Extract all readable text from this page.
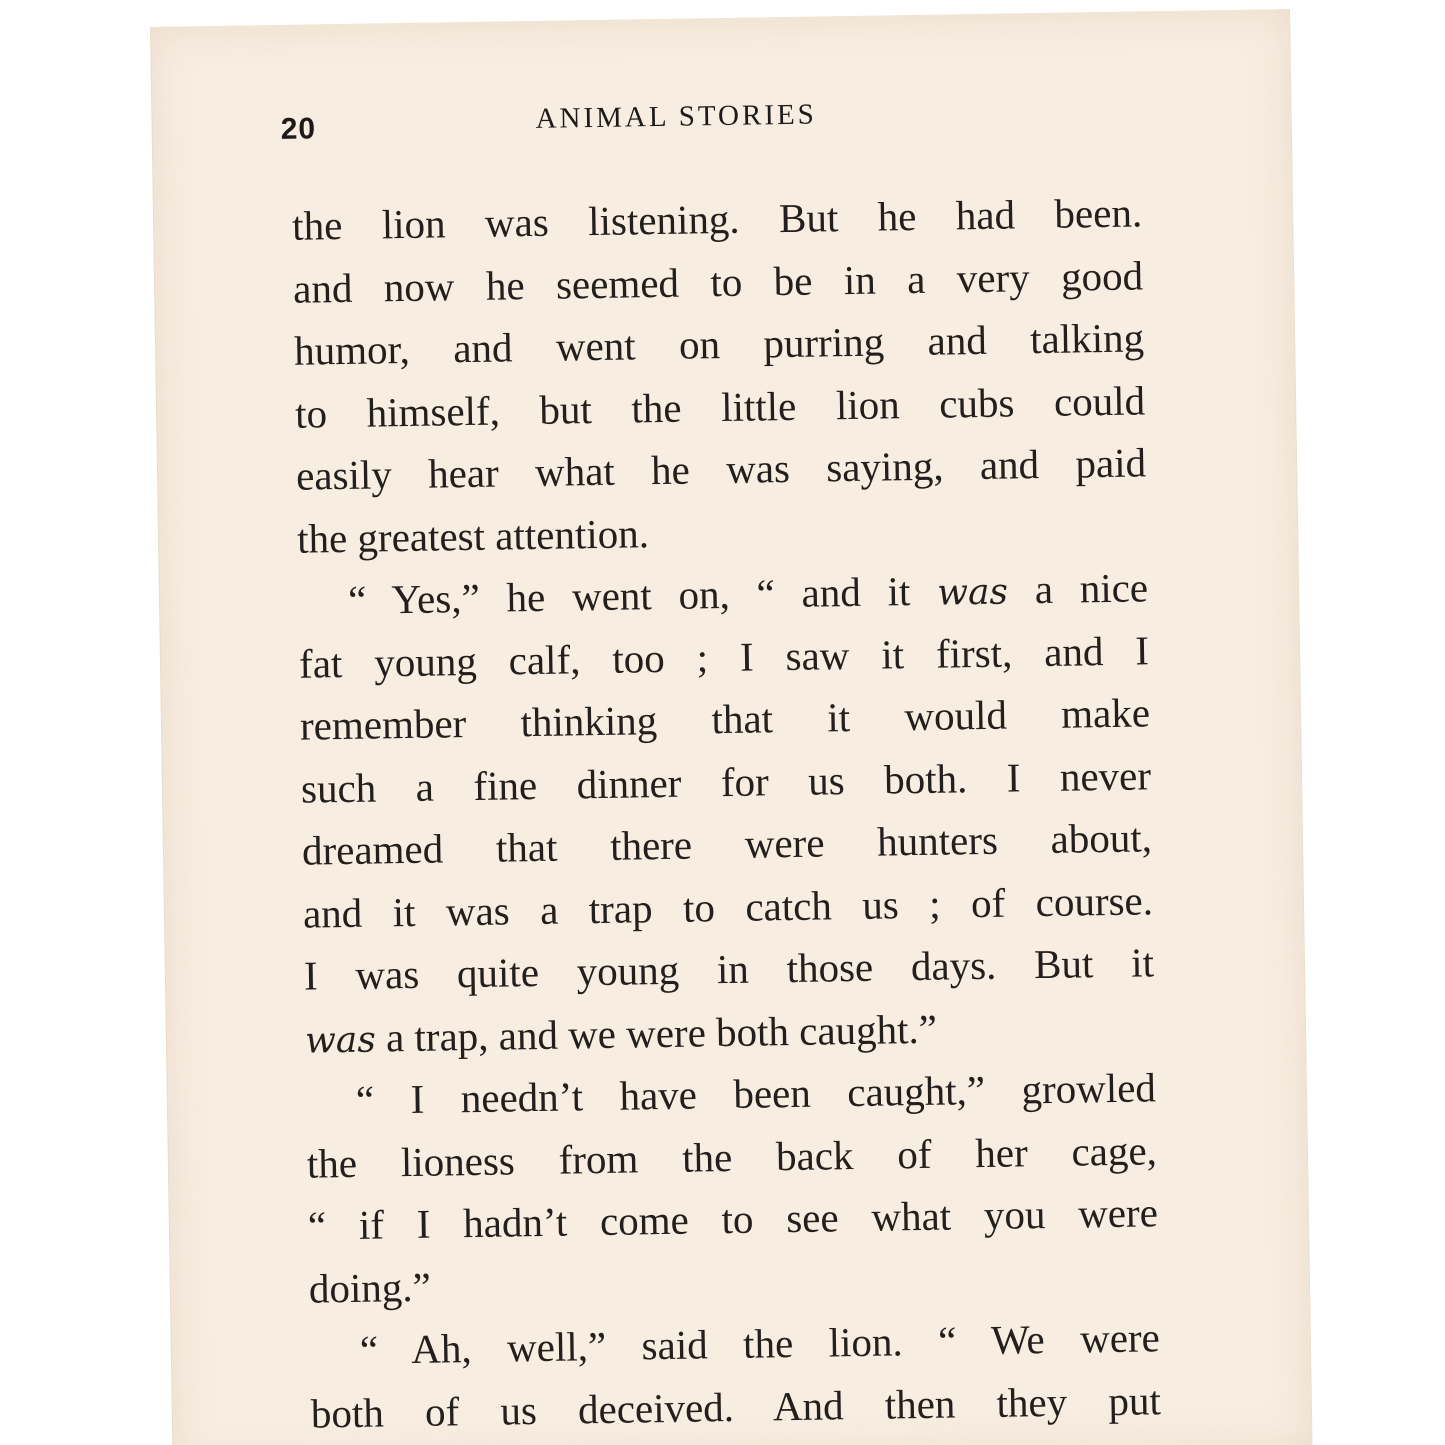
20	ANIMAL STORIES
the lion was listening. But he had been.
and now he seemed to be in a very good
humor, and went on purring and talking
to himself, but the little lion cubs could
easily hear what he was saying, and paid
the greatest attention.
“ Yes,” he went on, “ and it was a nice
fat young calf, too ; I saw it first, and I
remember thinking that it would make
such a fine dinner for us both. I never
dreamed that there were hunters about,
and it was a trap to catch us ; of course.
I was quite young in those days. But it
was a trap, and we were both caught.”
“ I needn’t have been caught,” growled
the lioness from the back of her cage,
“ if I hadn’t come to see what you were
doing.”
“ Ah, well,” said the lion. “ We were
both of us deceived. And then they put
